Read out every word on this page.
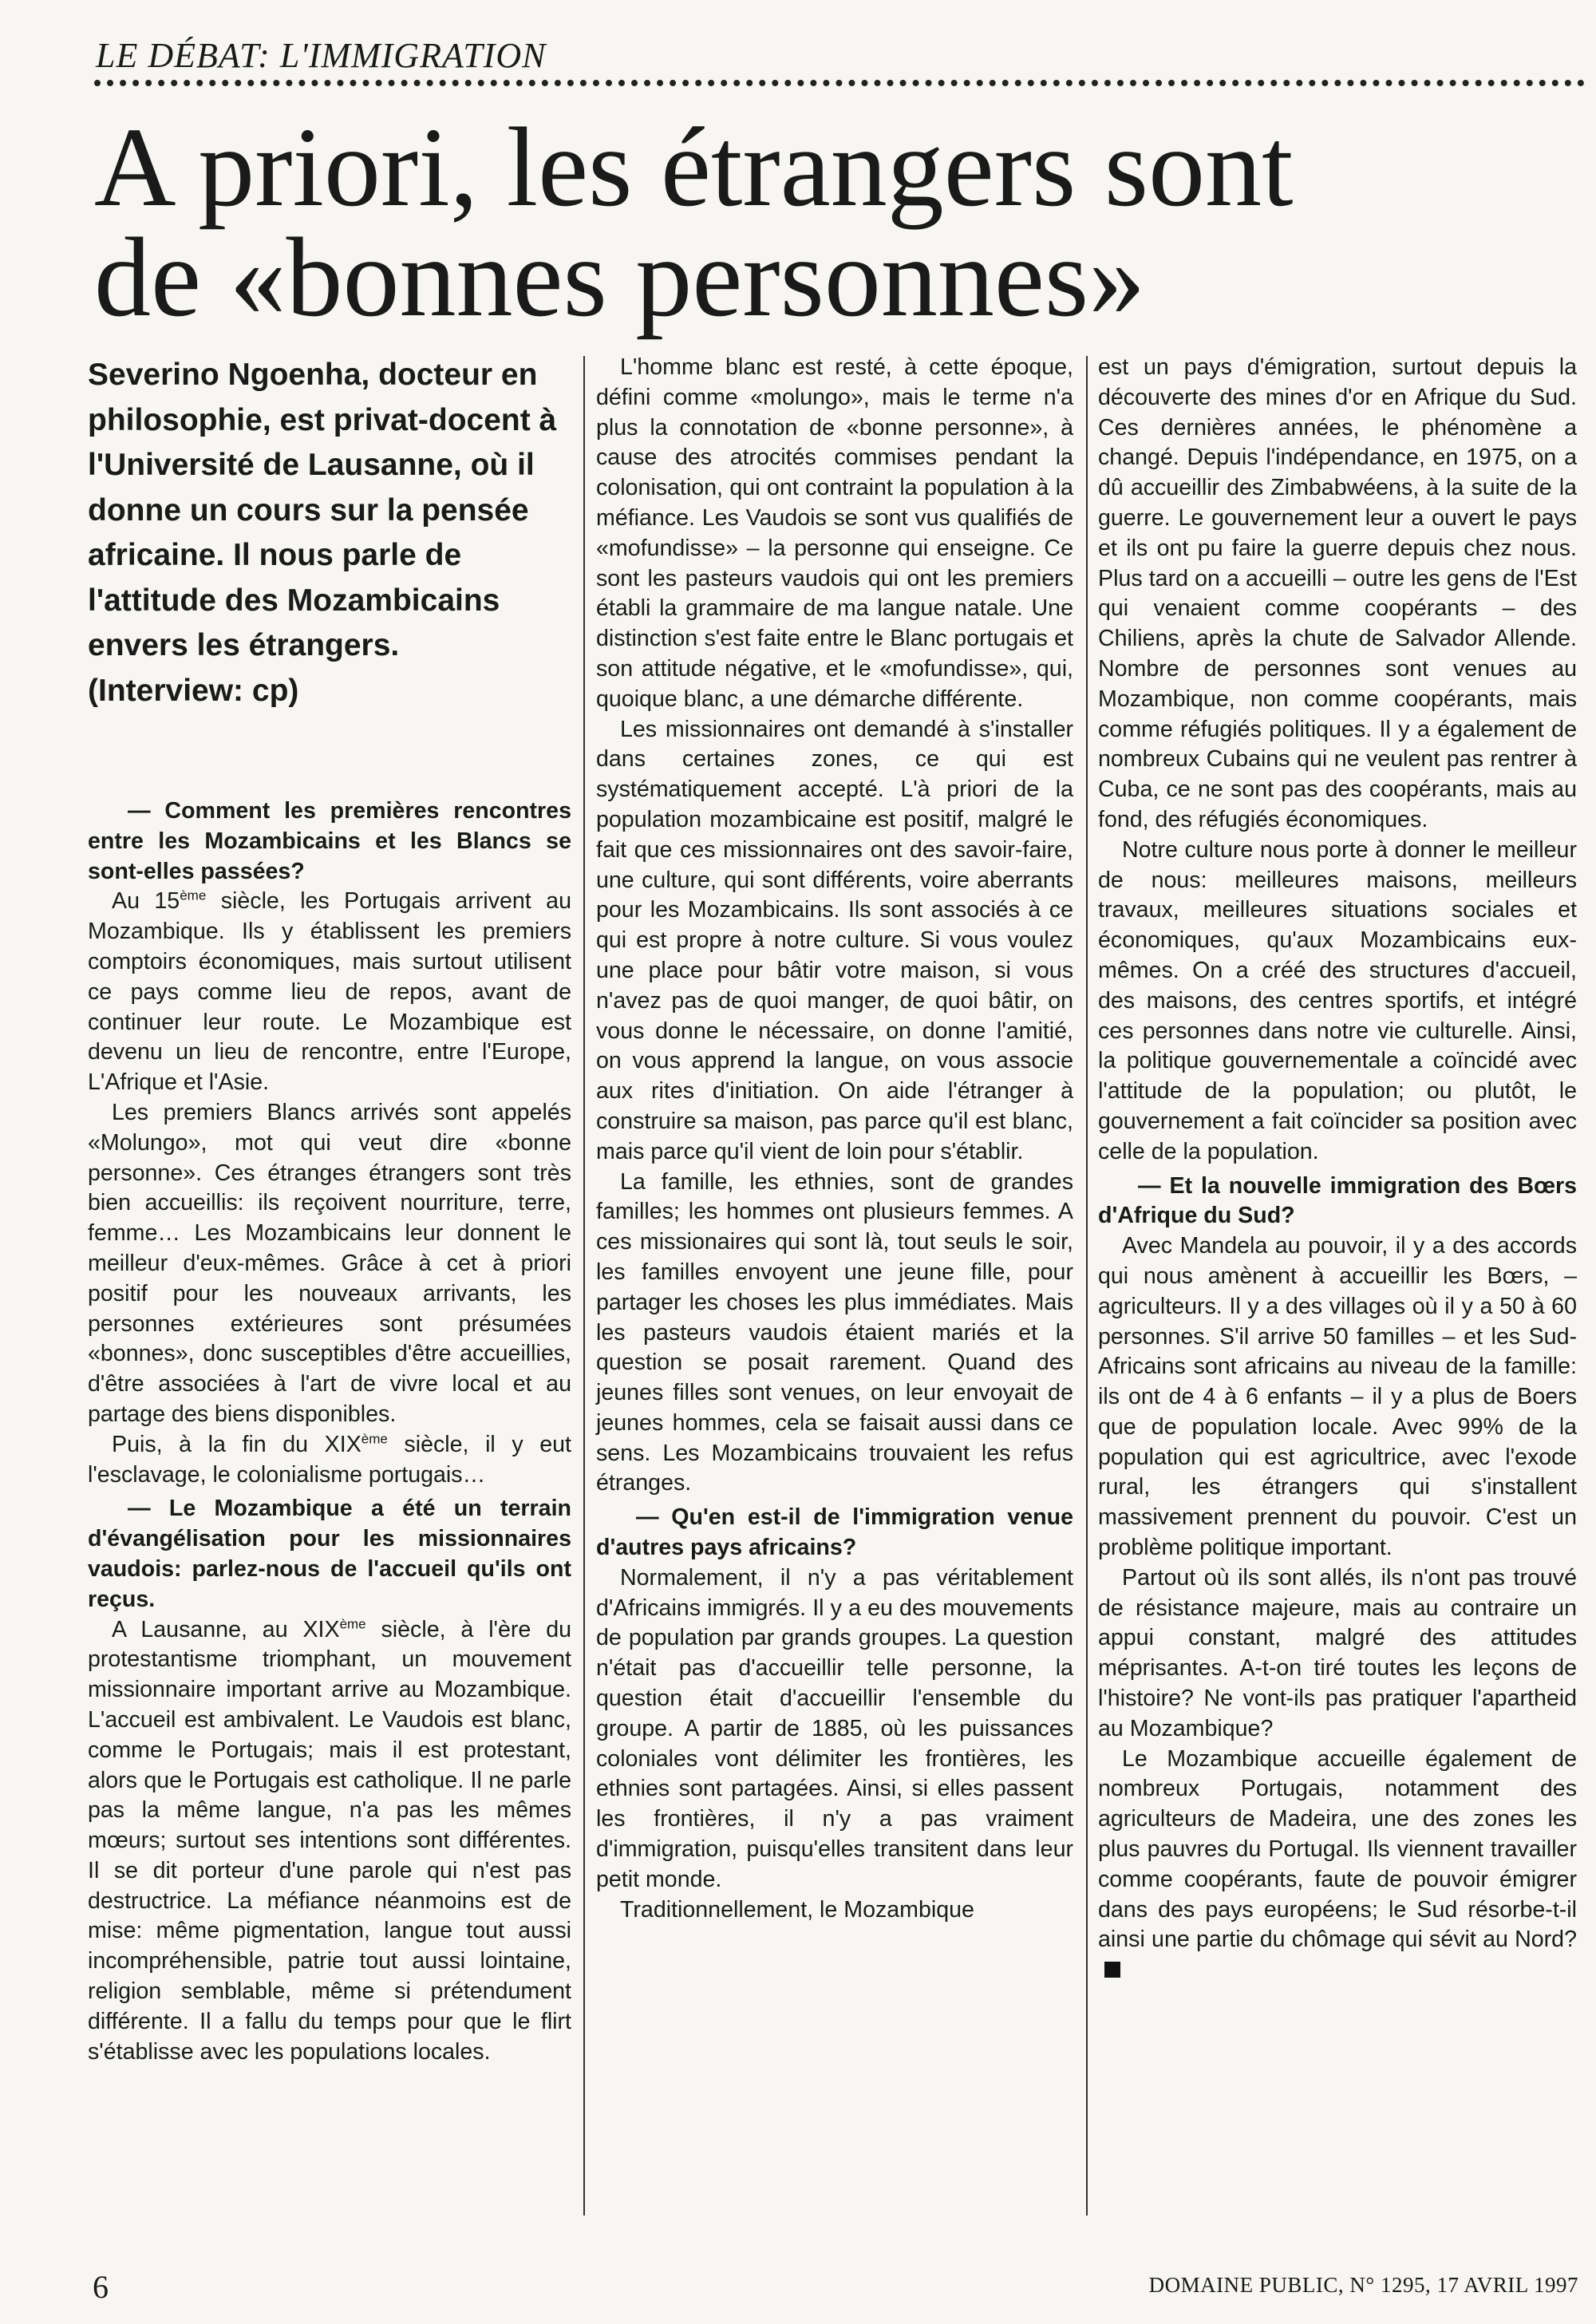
LE DÉBAT: L'IMMIGRATION
A priori, les étrangers sont
de «bonnes personnes»
Severino Ngoenha, docteur en philosophie, est privat-docent à l'Université de Lausanne, où il donne un cours sur la pensée africaine. Il nous parle de l'attitude des Mozambicains envers les étrangers. (Interview: cp)

— Comment les premières rencontres entre les Mozambicains et les Blancs se sont-elles passées?

Au 15ème siècle, les Portugais arrivent au Mozambique. Ils y établissent les premiers comptoirs économiques, mais surtout utilisent ce pays comme lieu de repos, avant de continuer leur route. Le Mozambique est devenu un lieu de rencontre, entre l'Europe, L'Afrique et l'Asie.

Les premiers Blancs arrivés sont appelés «Molungo», mot qui veut dire «bonne personne». Ces étranges étrangers sont très bien accueillis: ils reçoivent nourriture, terre, femme… Les Mozambicains leur donnent le meilleur d'eux-mêmes. Grâce à cet à priori positif pour les nouveaux arrivants, les personnes extérieures sont présumées «bonnes», donc susceptibles d'être accueillies, d'être associées à l'art de vivre local et au partage des biens disponibles.

Puis, à la fin du XIXème siècle, il y eut l'esclavage, le colonialisme portugais…

— Le Mozambique a été un terrain d'évangélisation pour les missionnaires vaudois: parlez-nous de l'accueil qu'ils ont reçus.

A Lausanne, au XIXème siècle, à l'ère du protestantisme triomphant, un mouvement missionnaire important arrive au Mozambique. L'accueil est ambivalent. Le Vaudois est blanc, comme le Portugais; mais il est protestant, alors que le Portugais est catholique. Il ne parle pas la même langue, n'a pas les mêmes mœurs; surtout ses intentions sont différentes. Il se dit porteur d'une parole qui n'est pas destructrice. La méfiance néanmoins est de mise: même pigmentation, langue tout aussi incompréhensible, patrie tout aussi lointaine, religion semblable, même si prétendument différente. Il a fallu du temps pour que le flirt s'établisse avec les populations locales.

L'homme blanc est resté, à cette époque, défini comme «molungo», mais le terme n'a plus la connotation de «bonne personne», à cause des atrocités commises pendant la colonisation, qui ont contraint la population à la méfiance. Les Vaudois se sont vus qualifiés de «mofundisse» – la personne qui enseigne. Ce sont les pasteurs vaudois qui ont les premiers établi la grammaire de ma langue natale. Une distinction s'est faite entre le Blanc portugais et son attitude négative, et le «mofundisse», qui, quoique blanc, a une démarche différente.

Les missionnaires ont demandé à s'installer dans certaines zones, ce qui est systématiquement accepté. L'à priori de la population mozambicaine est positif, malgré le fait que ces missionnaires ont des savoir-faire, une culture, qui sont différents, voire aberrants pour les Mozambicains. Ils sont associés à ce qui est propre à notre culture. Si vous voulez une place pour bâtir votre maison, si vous n'avez pas de quoi manger, de quoi bâtir, on vous donne le nécessaire, on donne l'amitié, on vous apprend la langue, on vous associe aux rites d'initiation. On aide l'étranger à construire sa maison, pas parce qu'il est blanc, mais parce qu'il vient de loin pour s'établir.

La famille, les ethnies, sont de grandes familles; les hommes ont plusieurs femmes. A ces missionaires qui sont là, tout seuls le soir, les familles envoyent une jeune fille, pour partager les choses les plus immédiates. Mais les pasteurs vaudois étaient mariés et la question se posait rarement. Quand des jeunes filles sont venues, on leur envoyait de jeunes hommes, cela se faisait aussi dans ce sens. Les Mozambicains trouvaient les refus étranges.

— Qu'en est-il de l'immigration venue d'autres pays africains?

Normalement, il n'y a pas véritablement d'Africains immigrés. Il y a eu des mouvements de population par grands groupes. La question n'était pas d'accueillir telle personne, la question était d'accueillir l'ensemble du groupe. A partir de 1885, où les puissances coloniales vont délimiter les frontières, les ethnies sont partagées. Ainsi, si elles passent les frontières, il n'y a pas vraiment d'immigration, puisqu'elles transitent dans leur petit monde.

Traditionnellement, le Mozambique

est un pays d'émigration, surtout depuis la découverte des mines d'or en Afrique du Sud. Ces dernières années, le phénomène a changé. Depuis l'indépendance, en 1975, on a dû accueillir des Zimbabwéens, à la suite de la guerre. Le gouvernement leur a ouvert le pays et ils ont pu faire la guerre depuis chez nous. Plus tard on a accueilli – outre les gens de l'Est qui venaient comme coopérants – des Chiliens, après la chute de Salvador Allende. Nombre de personnes sont venues au Mozambique, non comme coopérants, mais comme réfugiés politiques. Il y a également de nombreux Cubains qui ne veulent pas rentrer à Cuba, ce ne sont pas des coopérants, mais au fond, des réfugiés économiques.

Notre culture nous porte à donner le meilleur de nous: meilleures maisons, meilleurs travaux, meilleures situations sociales et économiques, qu'aux Mozambicains eux-mêmes. On a créé des structures d'accueil, des maisons, des centres sportifs, et intégré ces personnes dans notre vie culturelle. Ainsi, la politique gouvernementale a coïncidé avec l'attitude de la population; ou plutôt, le gouvernement a fait coïncider sa position avec celle de la population.

— Et la nouvelle immigration des Bœrs d'Afrique du Sud?

Avec Mandela au pouvoir, il y a des accords qui nous amènent à accueillir les Bœrs, – agriculteurs. Il y a des villages où il y a 50 à 60 personnes. S'il arrive 50 familles – et les Sud-Africains sont africains au niveau de la famille: ils ont de 4 à 6 enfants – il y a plus de Boers que de population locale. Avec 99% de la population qui est agricultrice, avec l'exode rural, les étrangers qui s'installent massivement prennent du pouvoir. C'est un problème politique important.

Partout où ils sont allés, ils n'ont pas trouvé de résistance majeure, mais au contraire un appui constant, malgré des attitudes méprisantes. A-t-on tiré toutes les leçons de l'histoire? Ne vont-ils pas pratiquer l'apartheid au Mozambique?

Le Mozambique accueille également de nombreux Portugais, notamment des agriculteurs de Madeira, une des zones les plus pauvres du Portugal. Ils viennent travailler comme coopérants, faute de pouvoir émigrer dans des pays européens; le Sud résorbe-t-il ainsi une partie du chômage qui sévit au Nord?

6	DOMAINE PUBLIC, N° 1295, 17 AVRIL 1997
